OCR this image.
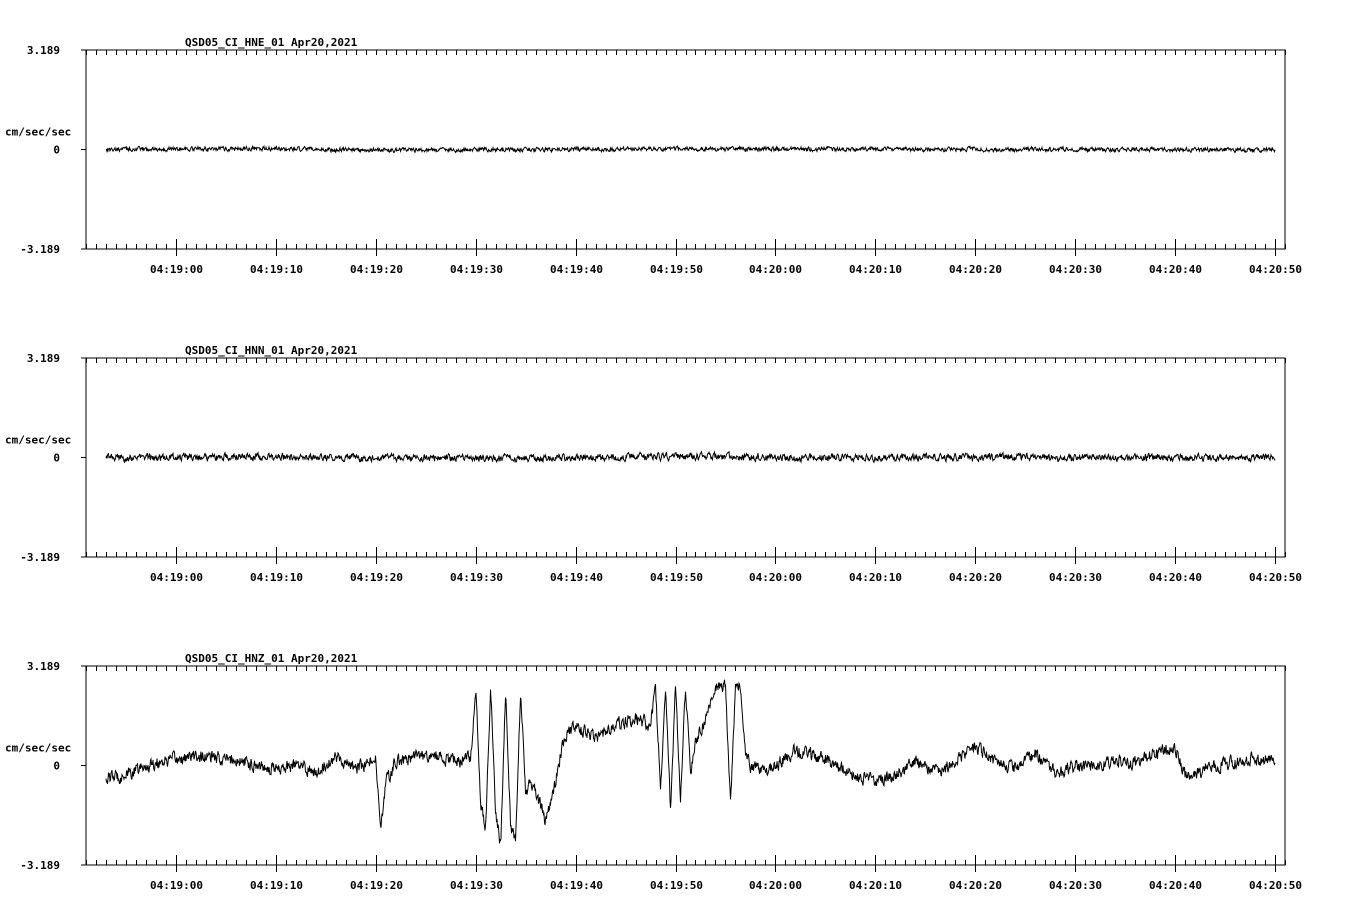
04:19:00	04:19:10	04:19:20	04:19:30	04:19:40	04:19:50	04:20:00	04:20:10	04:20:20	04:20:30	04:20:40	04:20:50
3.189
0
-3.189
cm/sec/sec
QSD05_CI_HNE_01 Apr20,2021
04:19:00	04:19:10	04:19:20	04:19:30	04:19:40	04:19:50	04:20:00	04:20:10	04:20:20	04:20:30	04:20:40	04:20:50
3.189
0
-3.189
cm/sec/sec
QSD05_CI_HNN_01 Apr20,2021
04:19:00	04:19:10	04:19:20	04:19:30	04:19:40	04:19:50	04:20:00	04:20:10	04:20:20	04:20:30	04:20:40	04:20:50
3.189
0
-3.189
cm/sec/sec
QSD05_CI_HNZ_01 Apr20,2021
